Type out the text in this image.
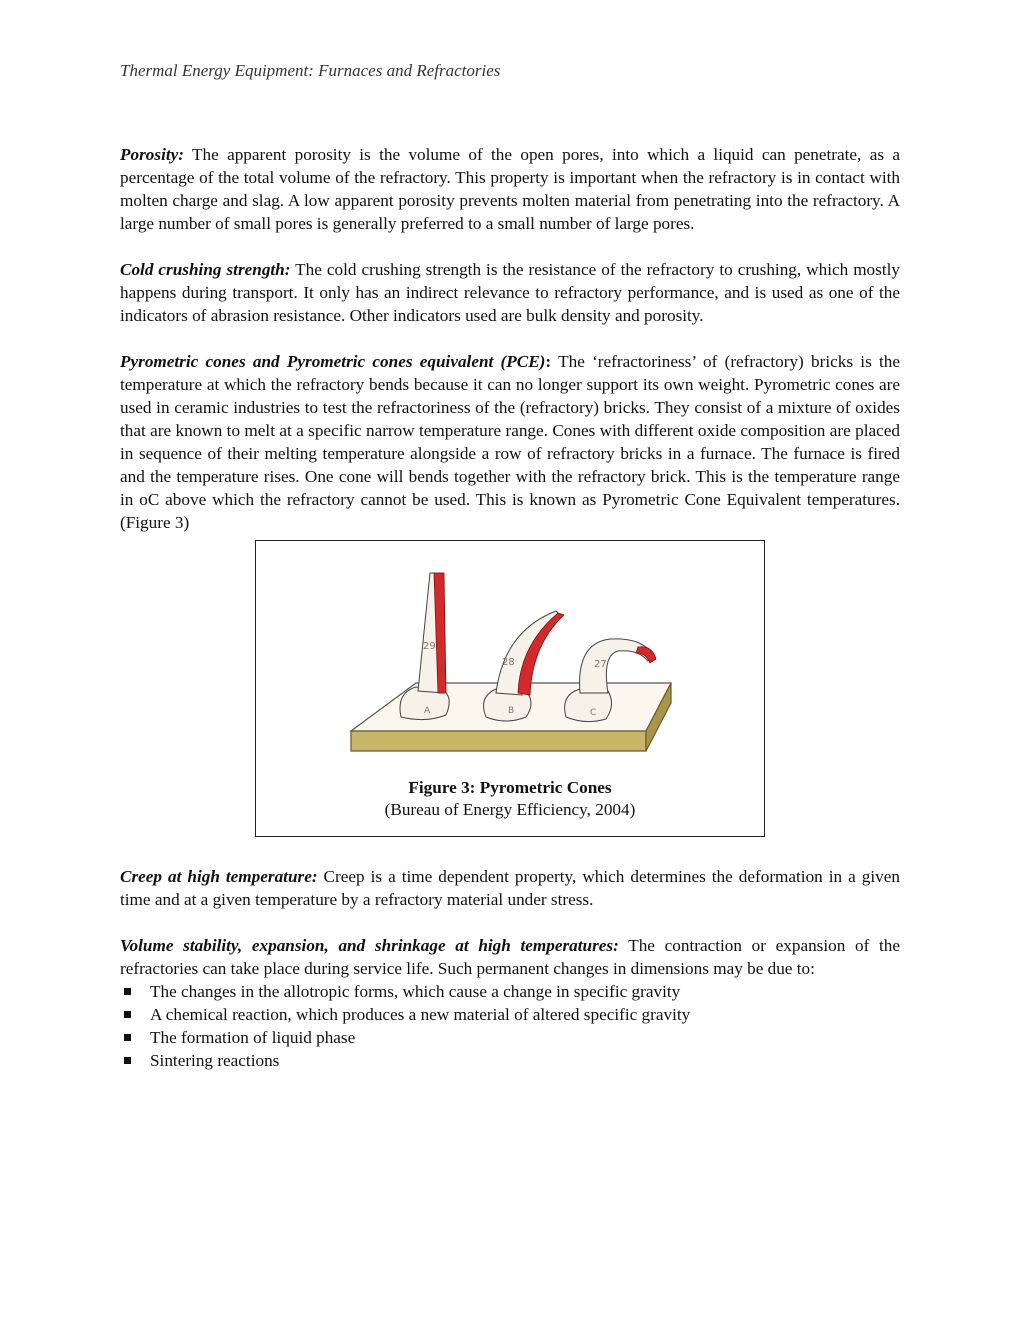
Thermal Energy Equipment: Furnaces and Refractories

Porosity: The apparent porosity is the volume of the open pores, into which a liquid can penetrate, as a percentage of the total volume of the refractory. This property is important when the refractory is in contact with molten charge and slag. A low apparent porosity prevents molten material from penetrating into the refractory. A large number of small pores is generally preferred to a small number of large pores.

Cold crushing strength: The cold crushing strength is the resistance of the refractory to crushing, which mostly happens during transport. It only has an indirect relevance to refractory performance, and is used as one of the indicators of abrasion resistance. Other indicators used are bulk density and porosity.

Pyrometric cones and Pyrometric cones equivalent (PCE): The ‘refractoriness’ of (refractory) bricks is the temperature at which the refractory bends because it can no longer support its own weight. Pyrometric cones are used in ceramic industries to test the refractoriness of the (refractory) bricks. They consist of a mixture of oxides that are known to melt at a specific narrow temperature range. Cones with different oxide composition are placed in sequence of their melting temperature alongside a row of refractory bricks in a furnace. The furnace is fired and the temperature rises. One cone will bends together with the refractory brick. This is the temperature range in oC above which the refractory cannot be used. This is known as Pyrometric Cone Equivalent temperatures. (Figure 3)

29
A
28
B
27
C
Figure 3: Pyrometric Cones
(Bureau of Energy Efficiency, 2004)

Creep at high temperature: Creep is a time dependent property, which determines the deformation in a given time and at a given temperature by a refractory material under stress.

Volume stability, expansion, and shrinkage at high temperatures: The contraction or expansion of the refractories can take place during service life. Such permanent changes in dimensions may be due to:

The changes in the allotropic forms, which cause a change in specific gravity
A chemical reaction, which produces a new material of altered specific gravity
The formation of liquid phase
Sintering reactions
